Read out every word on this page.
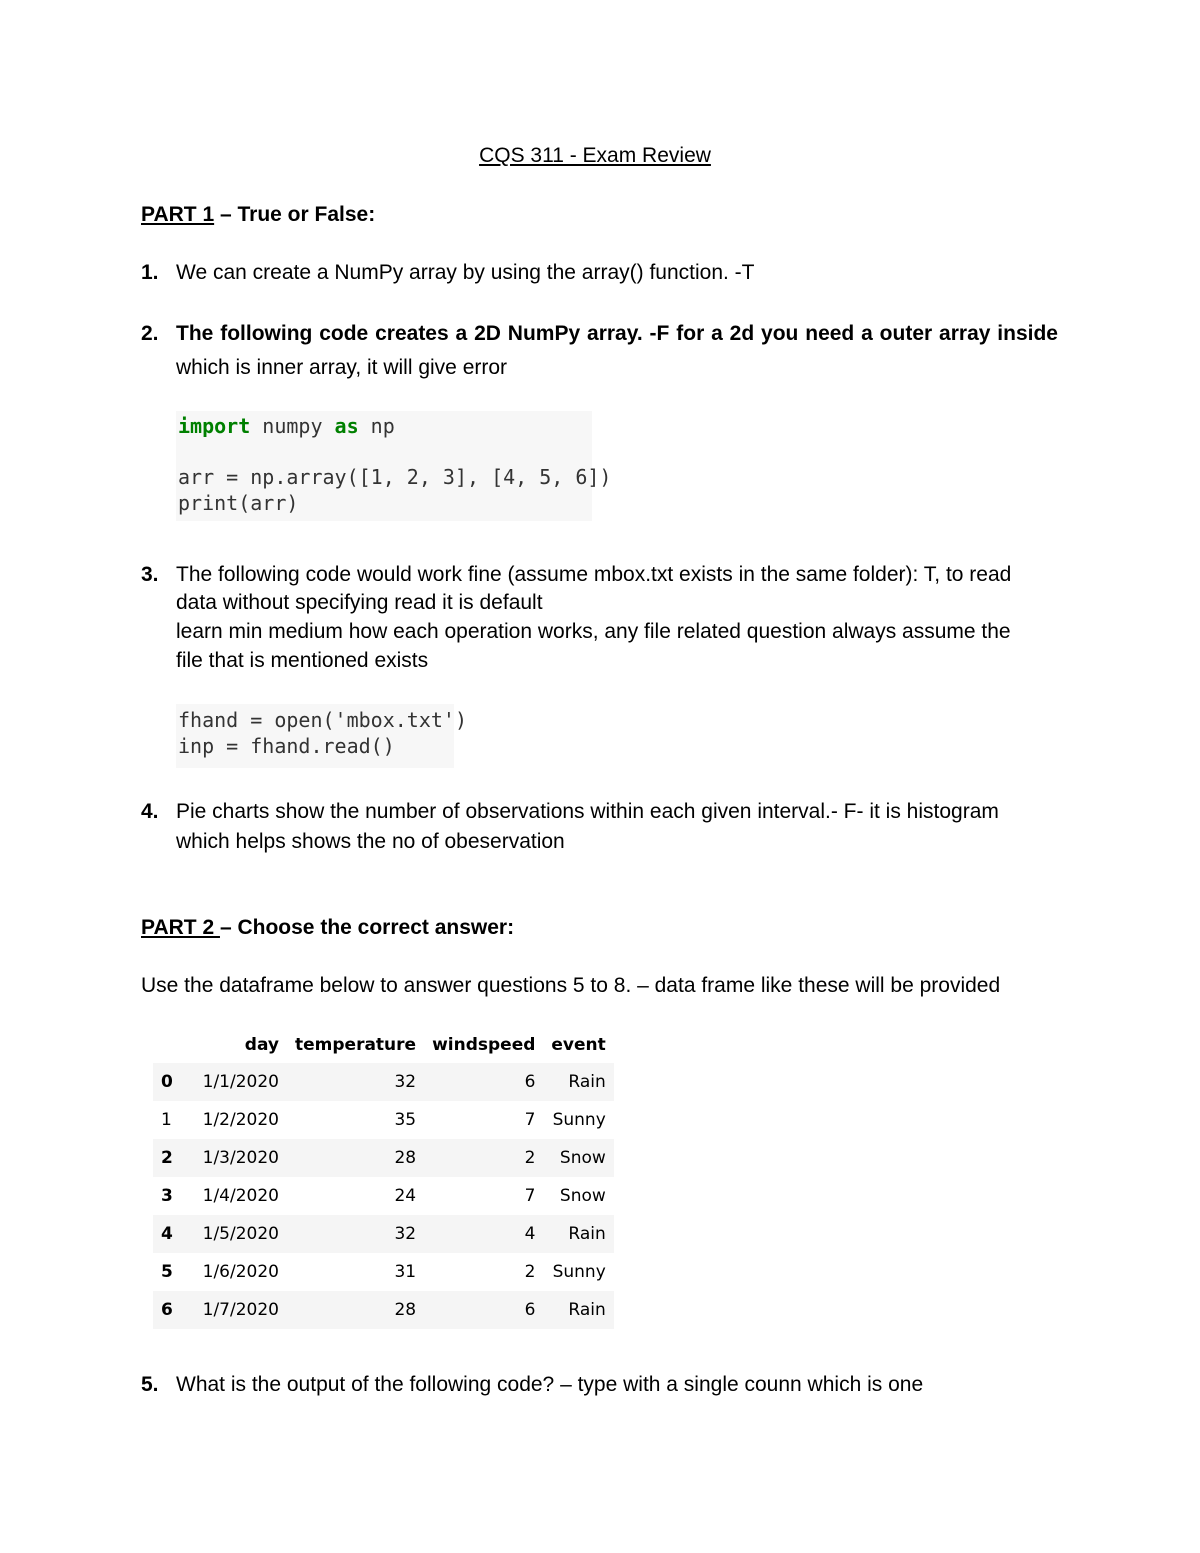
CQS 311 - Exam Review
PART 1 – True or False:
1. We can create a NumPy array by using the array() function. -T
2. The following code creates a 2D NumPy array. -F for a 2d you need a outer array inside
which is inner array, it will give error
import numpy as np
arr = np.array([1, 2, 3], [4, 5, 6])
print(arr)
3. The following code would work fine (assume mbox.txt exists in the same folder): T, to read
data without specifying read it is default
learn min medium how each operation works, any file related question always assume the
file that is mentioned exists
fhand = open('mbox.txt')
inp = fhand.read()
4. Pie charts show the number of observations within each given interval.- F- it is histogram
which helps shows the no of obeservation
PART 2 – Choose the correct answer:
Use the dataframe below to answer questions 5 to 8. – data frame like these will be provided
	day	temperature	windspeed	event
0	1/1/2020	32	6	Rain
1	1/2/2020	35	7	Sunny
2	1/3/2020	28	2	Snow
3	1/4/2020	24	7	Snow
4	1/5/2020	32	4	Rain
5	1/6/2020	31	2	Sunny
6	1/7/2020	28	6	Rain
5. What is the output of the following code? – type with a single counn which is one
